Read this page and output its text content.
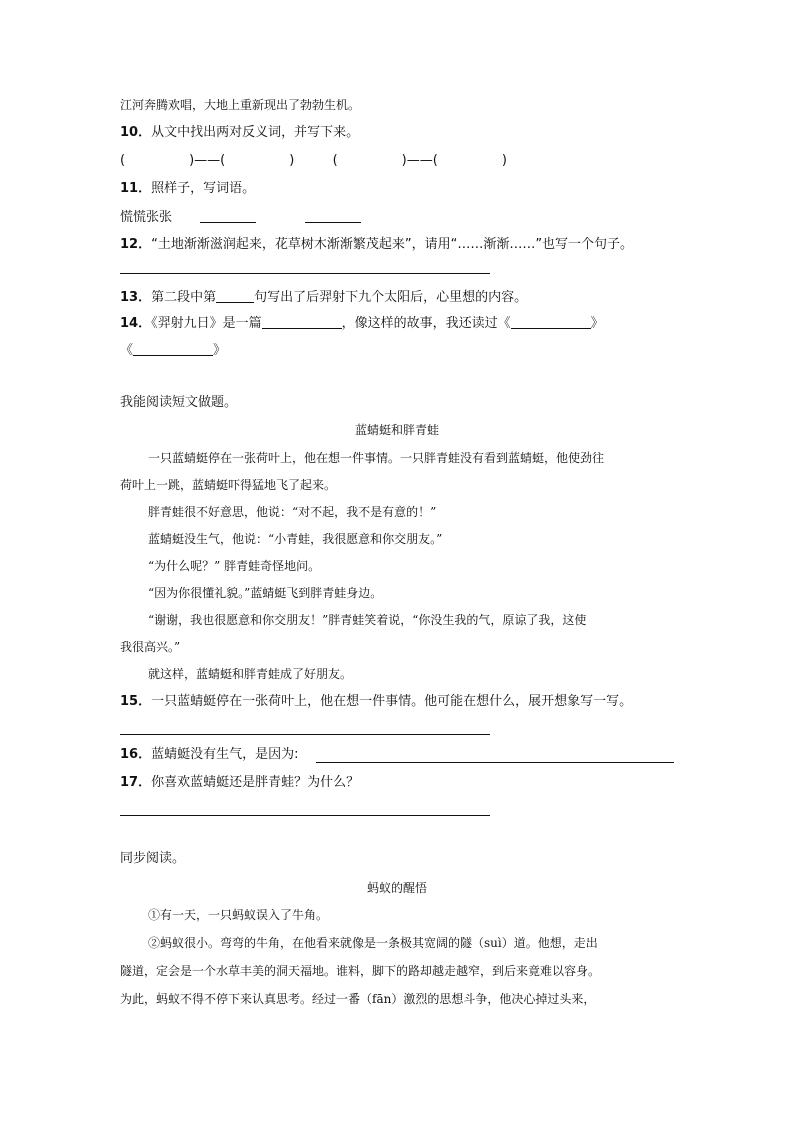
江河奔腾欢唱，大地上重新现出了勃勃生机。
10．从文中找出两对反义词，并写下来。
(	)——(	)	(	)——(	)
11．照样子，写词语。
慌慌张张
12．“土地渐渐滋润起来，花草树木渐渐繁茂起来”，请用“……渐渐……”也写一个句子。
13．第二段中第	句写出了后羿射下九个太阳后，心里想的内容。
14．《羿射九日》是一篇	，像这样的故事，我还读过《	》
《	》
我能阅读短文做题。
蓝蜻蜓和胖青蛙
一只蓝蜻蜓停在一张荷叶上，他在想一件事情。一只胖青蛙没有看到蓝蜻蜓，他使劲往
荷叶上一跳，蓝蜻蜓吓得猛地飞了起来。
胖青蛙很不好意思，他说：“对不起，我不是有意的！”
蓝蜻蜓没生气，他说：“小青蛙，我很愿意和你交朋友。”
“为什么呢？” 胖青蛙奇怪地问。
“因为你很懂礼貌。”蓝蜻蜓飞到胖青蛙身边。
“谢谢，我也很愿意和你交朋友！”胖青蛙笑着说，“你没生我的气，原谅了我，这使
我很高兴。”
就这样，蓝蜻蜓和胖青蛙成了好朋友。
15．一只蓝蜻蜓停在一张荷叶上，他在想一件事情。他可能在想什么，展开想象写一写。
16．蓝蜻蜓没有生气，是因为:
17．你喜欢蓝蜻蜓还是胖青蛙？为什么？
同步阅读。
蚂蚁的醒悟
①有一天，一只蚂蚁误入了牛角。
②蚂蚁很小。弯弯的牛角，在他看来就像是一条极其宽阔的隧（suì）道。他想，走出
隧道，定会是一个水草丰美的洞天福地。谁料，脚下的路却越走越窄，到后来竟难以容身。
为此，蚂蚁不得不停下来认真思考。经过一番（fān）激烈的思想斗争，他决心掉过头来，
